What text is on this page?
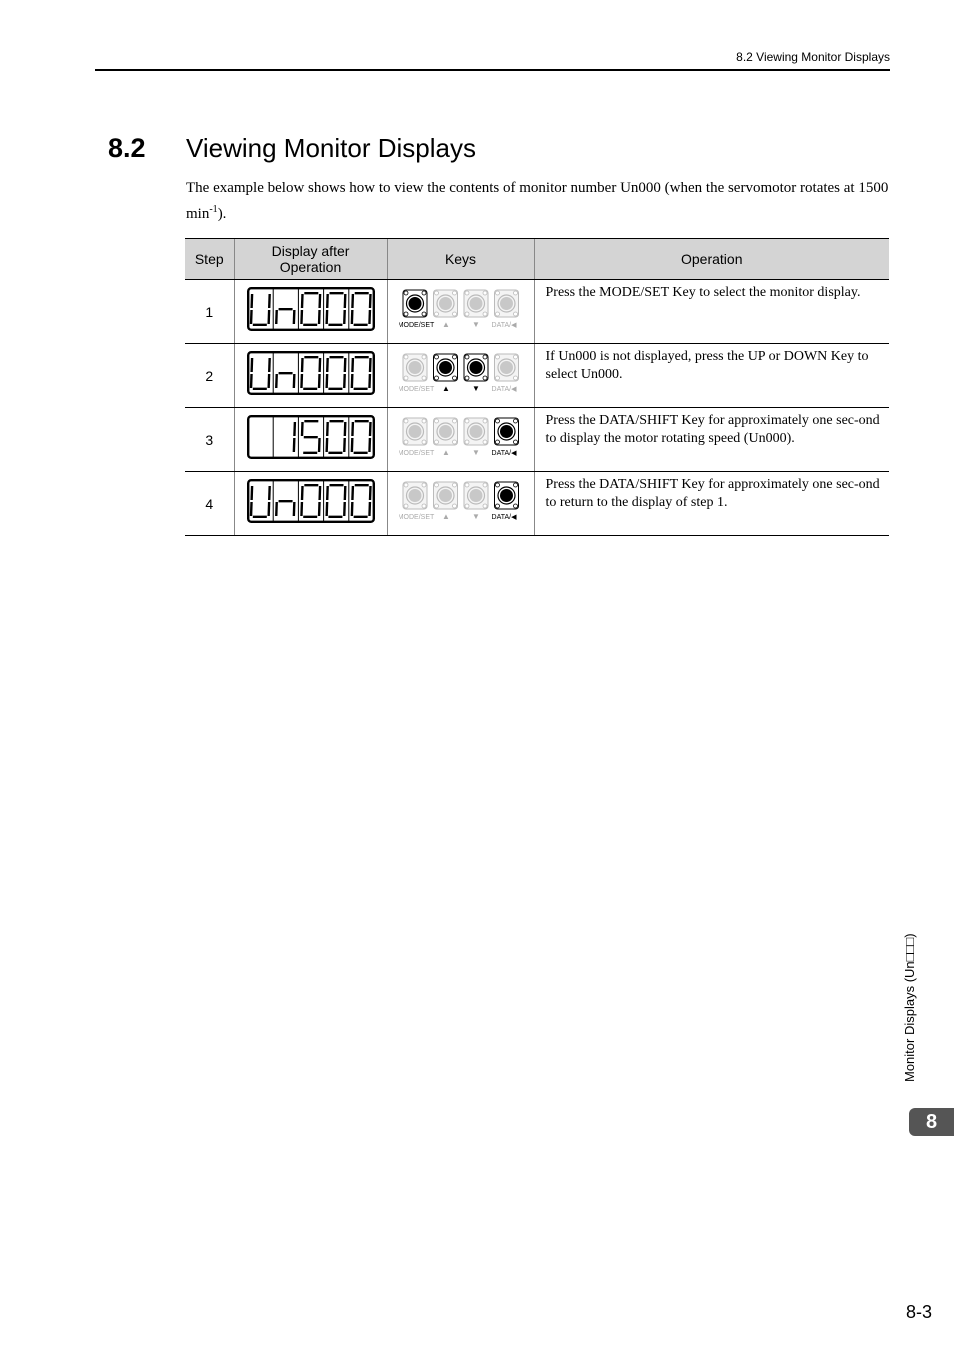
8.2 Viewing Monitor Displays
8.2 Viewing Monitor Displays
The example below shows how to view the contents of monitor number Un000 (when the servomotor rotates at 1500 $\min^{-1}$).
Step	Display after Operation	Keys	Operation
1		MODE/SET ▲ ▼ DATA/◀	Press the MODE/SET Key to select the monitor display.
2		MODE/SET ▲ ▼ DATA/◀	If Un000 is not displayed, press the UP or DOWN Key to select Un000.
3		MODE/SET ▲ ▼ DATA/◀	Press the DATA/SHIFT Key for approximately one sec-ond to display the motor rotating speed (Un000).
4		MODE/SET ▲ ▼ DATA/◀	Press the DATA/SHIFT Key for approximately one sec-ond to return to the display of step 1.
Monitor Displays (Un□□□)
8
8-3
